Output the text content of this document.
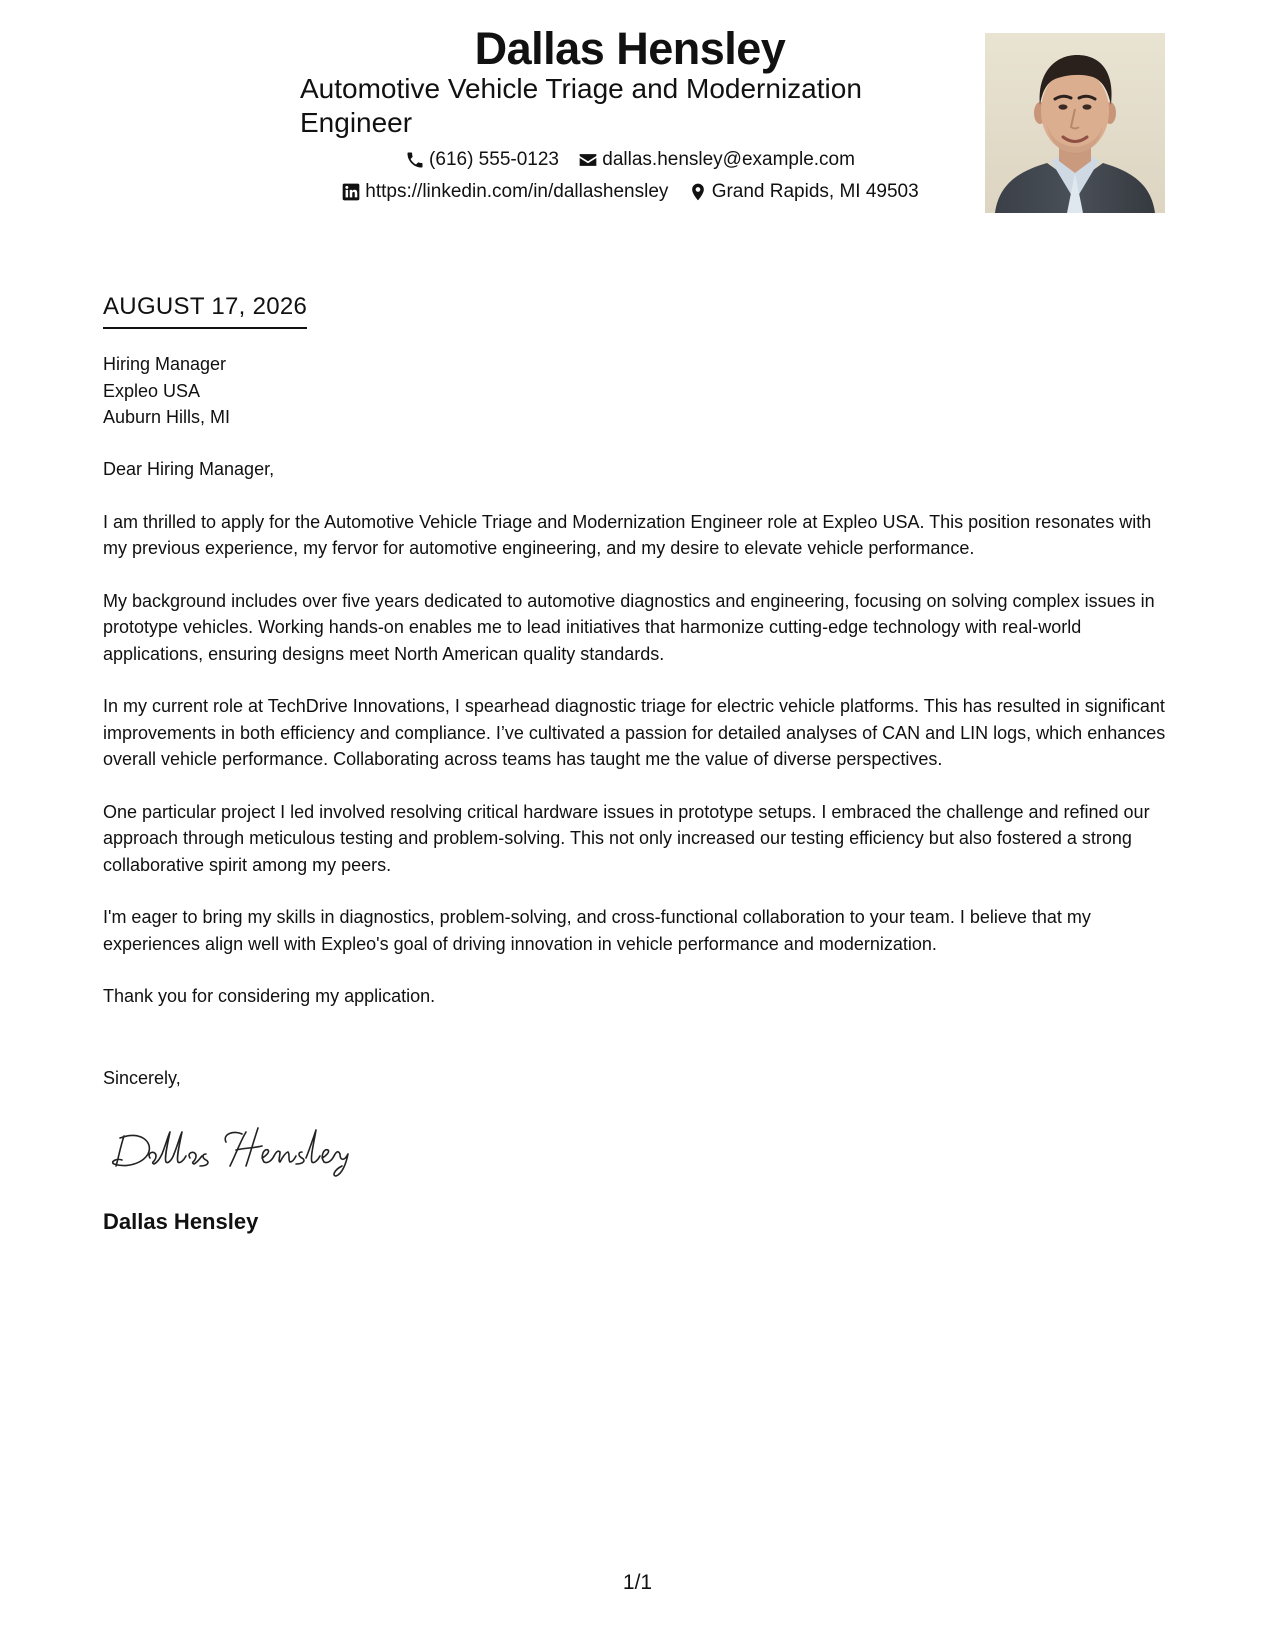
Dallas Hensley
Automotive Vehicle Triage and Modernization Engineer
(616) 555-0123
dallas.hensley@example.com
https://linkedin.com/in/dallashensley
Grand Rapids, MI 49503
AUGUST 17, 2026
Hiring Manager
Expleo USA
Auburn Hills, MI

Dear Hiring Manager,

I am thrilled to apply for the Automotive Vehicle Triage and Modernization Engineer role at Expleo USA. This position resonates with my previous experience, my fervor for automotive engineering, and my desire to elevate vehicle performance.

My background includes over five years dedicated to automotive diagnostics and engineering, focusing on solving complex issues in prototype vehicles. Working hands-on enables me to lead initiatives that harmonize cutting-edge technology with real-world applications, ensuring designs meet North American quality standards.

In my current role at TechDrive Innovations, I spearhead diagnostic triage for electric vehicle platforms. This has resulted in significant improvements in both efficiency and compliance. I’ve cultivated a passion for detailed analyses of CAN and LIN logs, which enhances overall vehicle performance. Collaborating across teams has taught me the value of diverse perspectives.

One particular project I led involved resolving critical hardware issues in prototype setups. I embraced the challenge and refined our approach through meticulous testing and problem-solving. This not only increased our testing efficiency but also fostered a strong collaborative spirit among my peers.

I'm eager to bring my skills in diagnostics, problem-solving, and cross-functional collaboration to your team. I believe that my experiences align well with Expleo's goal of driving innovation in vehicle performance and modernization.

Thank you for considering my application.

Sincerely,
Dallas Hensley
1/1
